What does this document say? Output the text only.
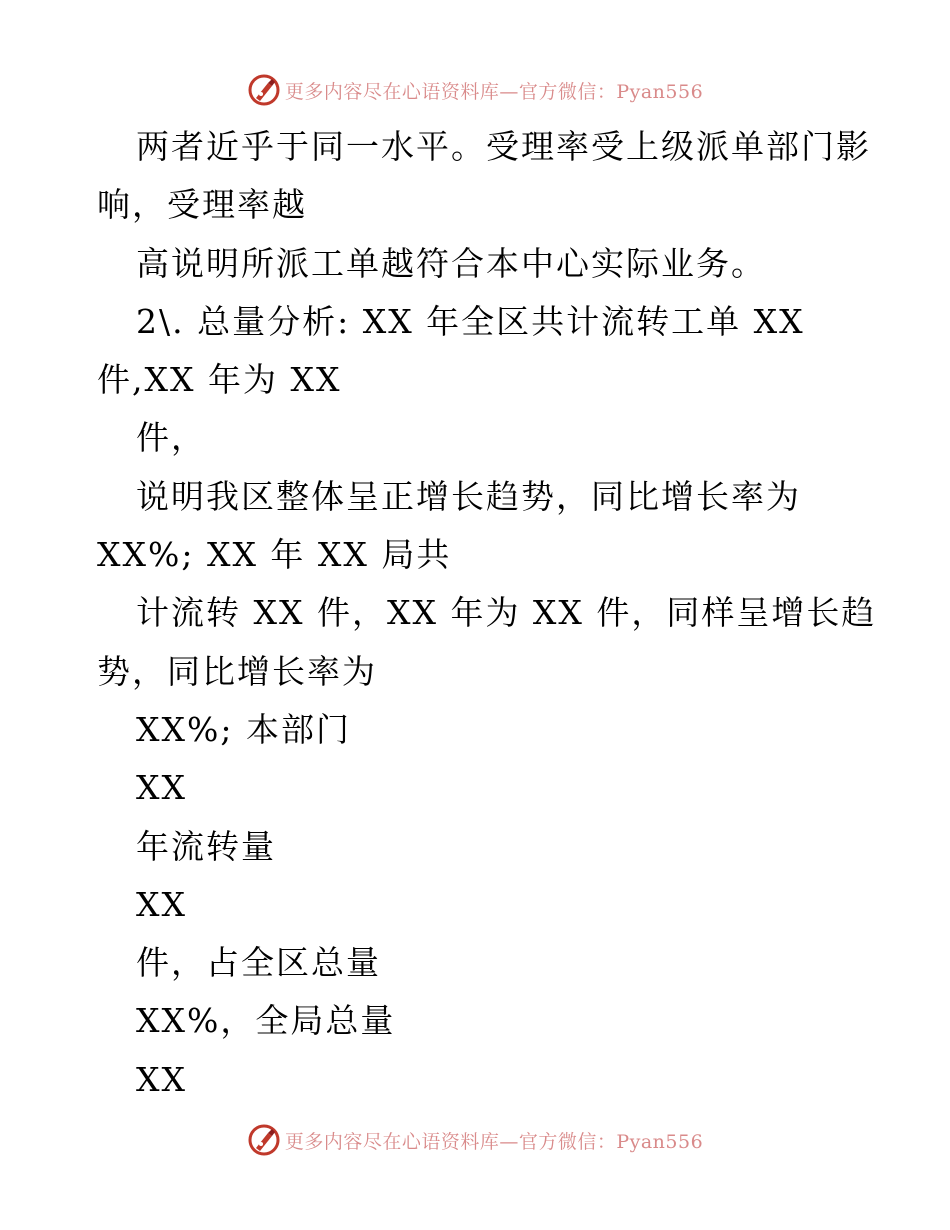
更多内容尽在心语资料库—官方微信：Pyan556
两者近乎于同一水平。受理率受上级派单部门影
响，受理率越
高说明所派工单越符合本中心实际业务。
2\. 总量分析: XX 年全区共计流转工单 XX
件,XX 年为 XX
件，
说明我区整体呈正增长趋势，同比增长率为
XX%; XX 年 XX 局共
计流转 XX 件，XX 年为 XX 件，同样呈增长趋
势，同比增长率为
XX%; 本部门
XX
年流转量
XX
件，占全区总量
XX%，全局总量
XX
更多内容尽在心语资料库—官方微信：Pyan556
